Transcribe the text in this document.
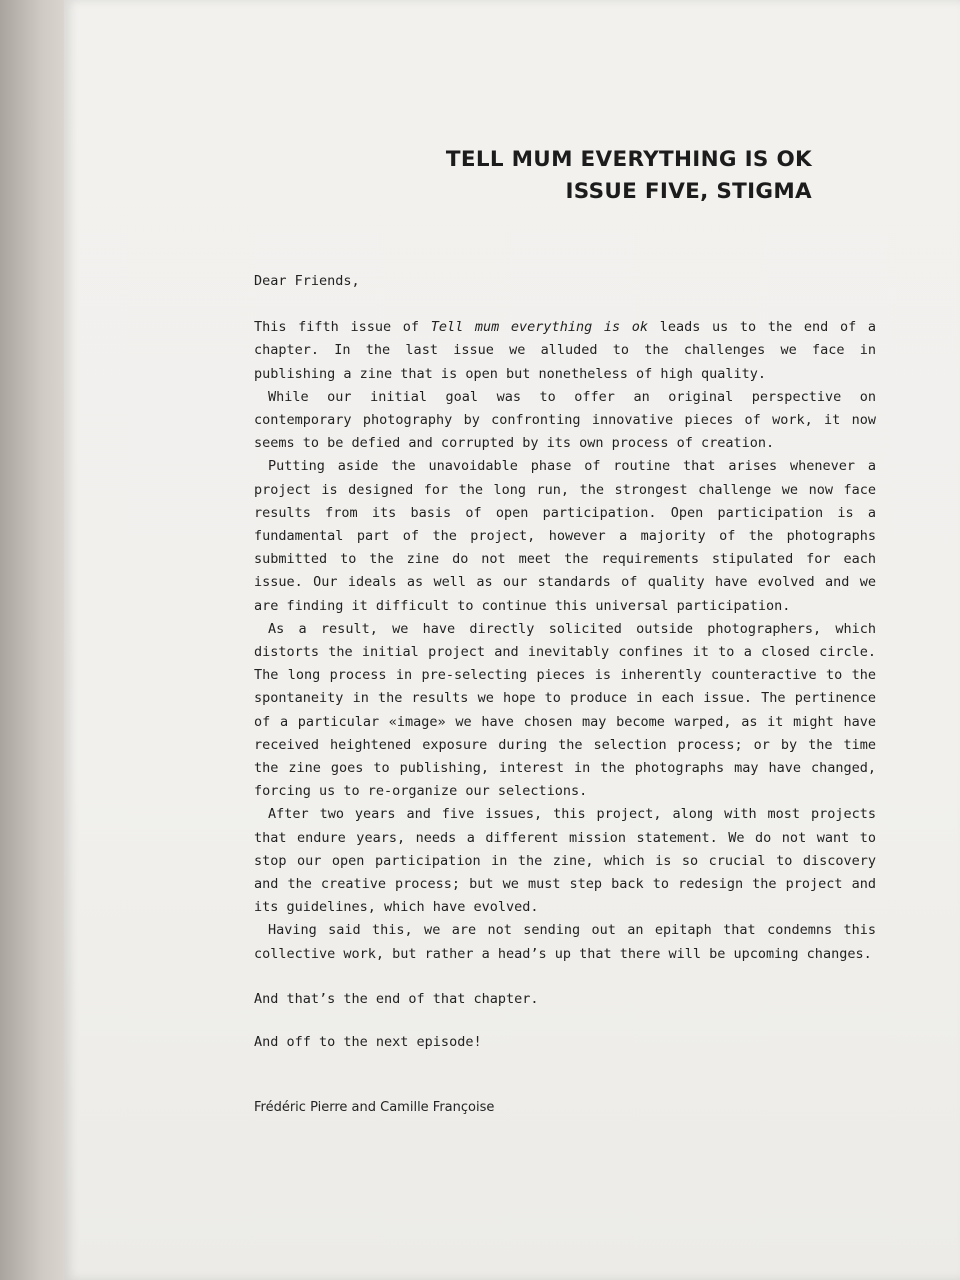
TELL MUM EVERYTHING IS OK
ISSUE FIVE, STIGMA

Dear Friends,

This fifth issue of Tell mum everything is ok leads us to the end of a chapter. In the last issue we alluded to the challenges we face in publishing a zine that is open but nonetheless of high quality.

While our initial goal was to offer an original perspective on contemporary photography by confronting innovative pieces of work, it now seems to be defied and corrupted by its own process of creation.

Putting aside the unavoidable phase of routine that arises whenever a project is designed for the long run, the strongest challenge we now face results from its basis of open participation. Open participation is a fundamental part of the project, however a majority of the photographs submitted to the zine do not meet the requirements stipulated for each issue. Our ideals as well as our standards of quality have evolved and we are finding it difficult to continue this universal participation.

As a result, we have directly solicited outside photographers, which distorts the initial project and inevitably confines it to a closed circle. The long process in pre-selecting pieces is inherently counteractive to the spontaneity in the results we hope to produce in each issue. The pertinence of a particular «image» we have chosen may become warped, as it might have received heightened exposure during the selection process; or by the time the zine goes to publishing, interest in the photographs may have changed, forcing us to re-organize our selections.

After two years and five issues, this project, along with most projects that endure years, needs a different mission statement. We do not want to stop our open participation in the zine, which is so crucial to discovery and the creative process; but we must step back to redesign the project and its guidelines, which have evolved.

Having said this, we are not sending out an epitaph that condemns this collective work, but rather a head’s up that there will be upcoming changes.

And that’s the end of that chapter.

And off to the next episode!

Frédéric Pierre and Camille Françoise
